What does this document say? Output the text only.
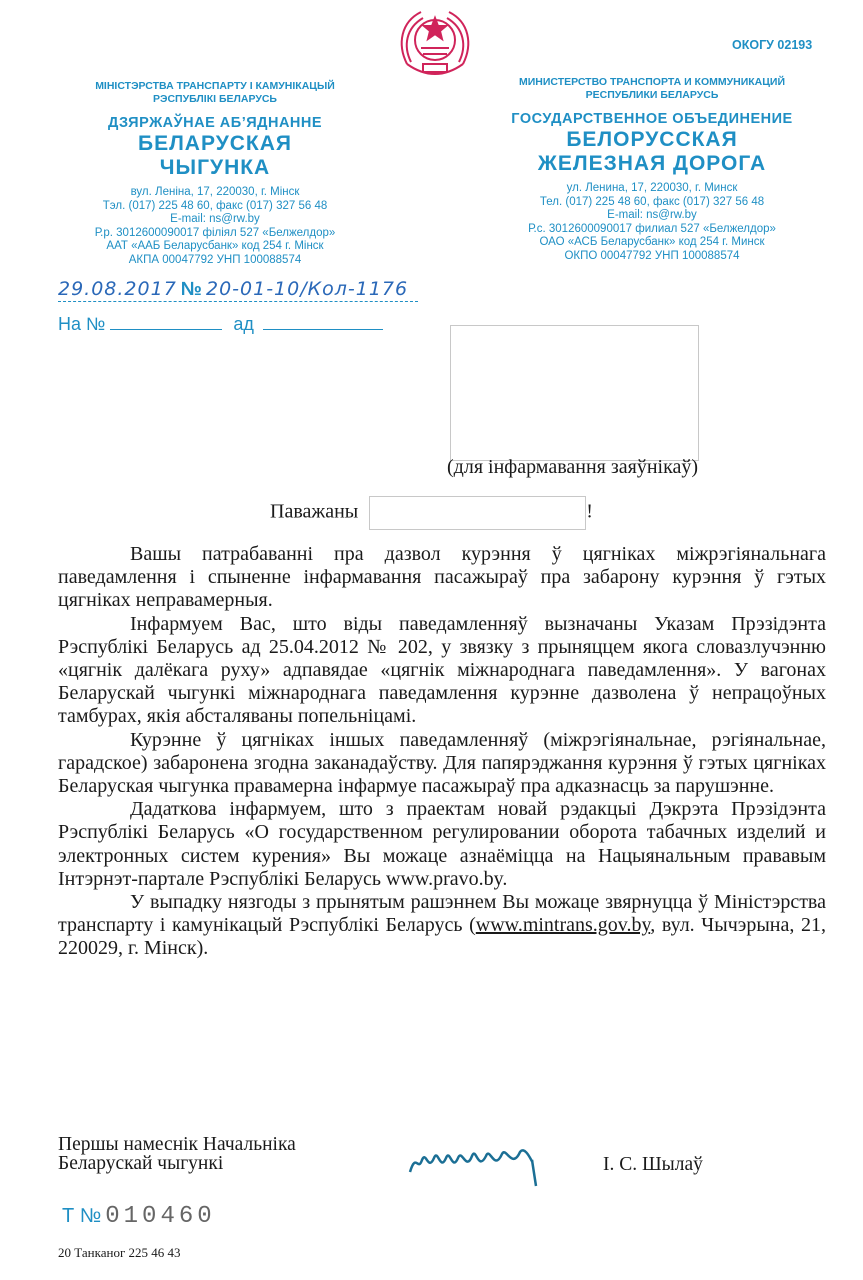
ОКОГУ 02193
МІНІСТЭРСТВА ТРАНСПАРТУ І КАМУНІКАЦЫЙ
РЭСПУБЛІКІ БЕЛАРУСЬ
ДЗЯРЖАЎНАЕ АБ’ЯДНАННЕ
БЕЛАРУСКАЯ
ЧЫГУНКА
вул. Леніна, 17, 220030, г. Мінск
Тэл. (017) 225 48 60, факс (017) 327 56 48
E-mail: ns@rw.by
Р.р. 3012600090017 філіял 527 «Белжелдор»
ААТ «ААБ Беларусбанк» код 254 г. Мінск
АКПА 00047792 УНП 100088574
МИНИСТЕРСТВО ТРАНСПОРТА И КОММУНИКАЦИЙ
РЕСПУБЛИКИ БЕЛАРУСЬ
ГОСУДАРСТВЕННОЕ ОБЪЕДИНЕНИЕ
БЕЛОРУССКАЯ
ЖЕЛЕЗНАЯ ДОРОГА
ул. Ленина, 17, 220030, г. Минск
Тел. (017) 225 48 60, факс (017) 327 56 48
E-mail: ns@rw.by
Р.с. 3012600090017 филиал 527 «Белжелдор»
ОАО «АСБ Беларусбанк» код 254 г. Минск
ОКПО 00047792 УНП 100088574
29.08.2017 № 20-01-10/Кол-1176
На №	ад
(для інфармавання заяўнікаў)
Паважаны	!

Вашы патрабаванні пра дазвол курэння ў цягніках міжрэгіянальнага паведамлення і спыненне інфармавання пасажыраў пра забарону курэння ў гэтых цягніках неправамерныя.

Інфармуем Вас, што віды паведамленняў вызначаны Указам Прэзідэнта Рэспублікі Беларусь ад 25.04.2012 № 202, у звязку з прыняццем якога словазлучэнню «цягнік далёкага руху» адпавядае «цягнік міжнароднага паведамлення». У вагонах Беларускай чыгункі міжнароднага паведамлення курэнне дазволена ў непрацоўных тамбурах, якія абсталяваны попельніцамі.

Курэнне ў цягніках іншых паведамленняў (міжрэгіянальнае, рэгіянальнае, гарадское) забаронена згодна заканадаўству. Для папярэджання курэння ў гэтых цягніках Беларуская чыгунка правамерна інфармуе пасажыраў пра адказнасць за парушэнне.

Дадаткова інфармуем, што з праектам новай рэдакцыі Дэкрэта Прэзідэнта Рэспублікі Беларусь «О государственном регулировании оборота табачных изделий и электронных систем курения» Вы можаце азнаёміцца на Нацыянальным прававым Інтэрнэт-партале Рэспублікі Беларусь www.pravo.by.

У выпадку нязгоды з прынятым рашэннем Вы можаце звярнуцца ў Міністэрства транспарту і камунікацый Рэспублікі Беларусь (www.mintrans.gov.by, вул. Чычэрына, 21, 220029, г. Мінск).

Першы намеснік Начальніка
Беларускай чыгункі	І. С. Шылаў
Т № 010460
20 Танканог 225 46 43
